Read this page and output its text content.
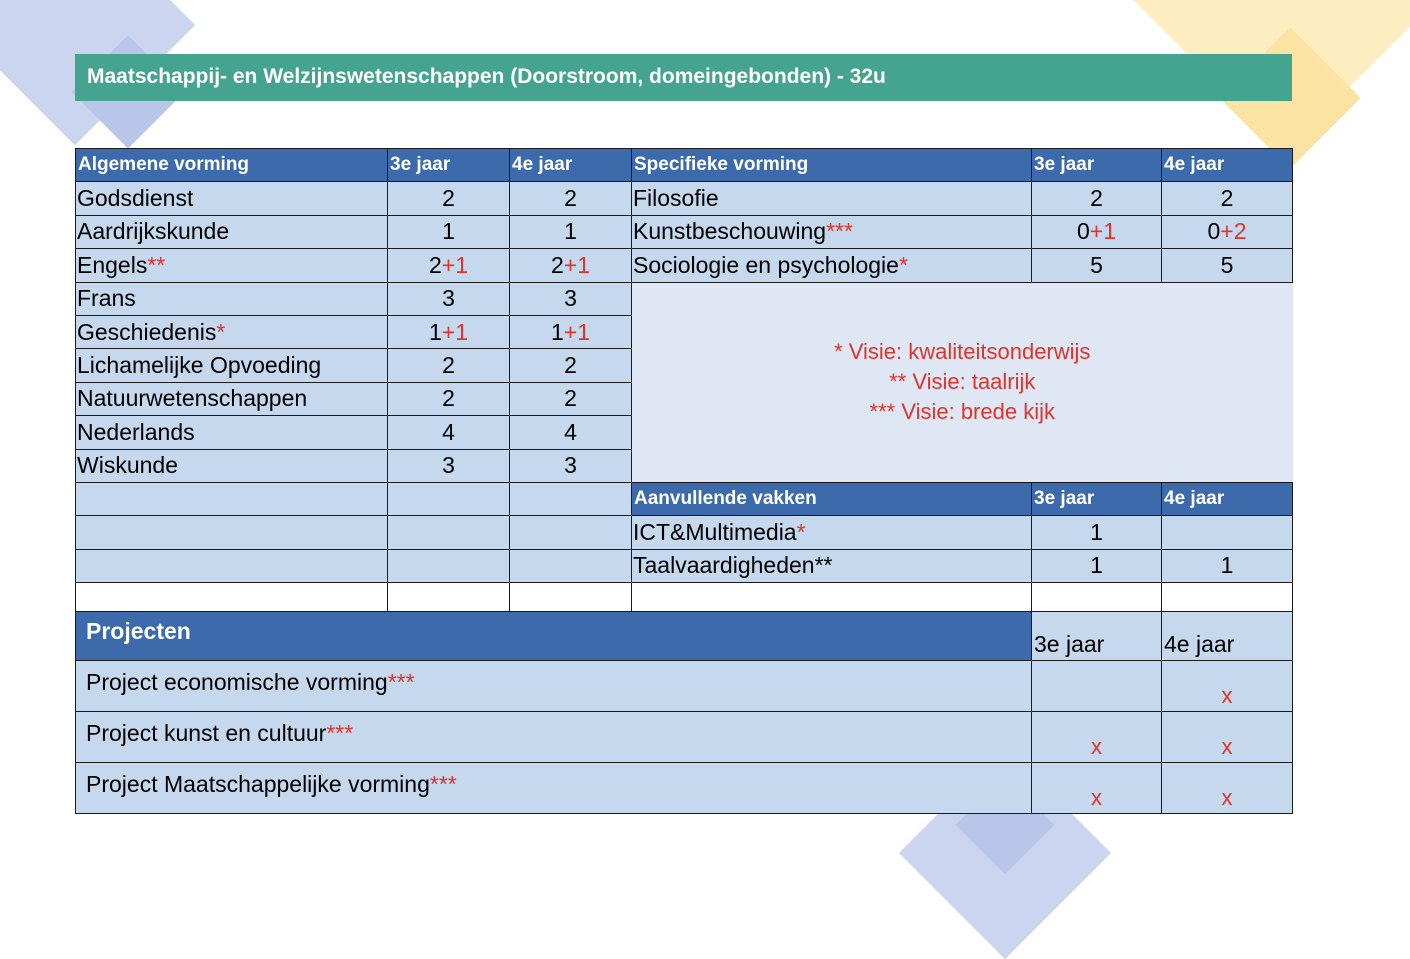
Maatschappij- en Welzijnswetenschappen (Doorstroom, domeingebonden) - 32u
Algemene vorming	3e jaar	4e jaar	Specifieke vorming	3e jaar	4e jaar
Godsdienst	2	2	Filosofie	2	2
Aardrijkskunde	1	1	Kunstbeschouwing***	0+1	0+2
Engels**	2+1	2+1	Sociologie en psychologie*	5	5
Frans	3	3	* Visie: kwaliteitsonderwijs
** Visie: taalrijk
*** Visie: brede kijk		

Geschiedenis*	1+1	1+1			
Lichamelijke Opvoeding	2	2			
Natuurwetenschappen	2	2			
Nederlands	4	4			
Wiskunde	3	3			
			Aanvullende vakken	3e jaar	4e jaar
			ICT&Multimedia*	1	
			Taalvaardigheden**	1	1

Projecten	3e jaar	4e jaar
Project economische vorming***		x
Project kunst en cultuur***	x	x
Project Maatschappelijke vorming***	x	x
